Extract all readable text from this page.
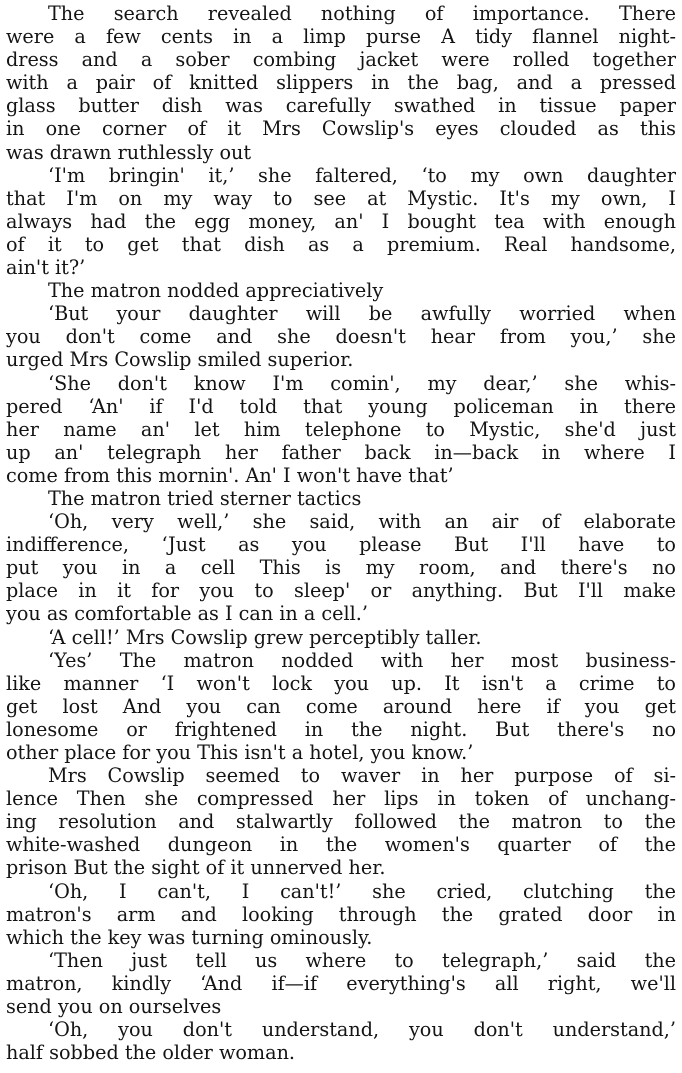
The search revealed nothing of importance. There
were a few cents in a limp purse A tidy flannel night-
dress and a sober combing jacket were rolled together
with a pair of knitted slippers in the bag, and a pressed
glass butter dish was carefully swathed in tissue paper
in one corner of it Mrs Cowslip's eyes clouded as this
was drawn ruthlessly out

‘I'm bringin' it,’ she faltered, ‘to my own daughter
that I'm on my way to see at Mystic. It's my own, I
always had the egg money, an' I bought tea with enough
of it to get that dish as a premium. Real handsome,
ain't it?’

The matron nodded appreciatively

‘But your daughter will be awfully worried when
you don't come and she doesn't hear from you,’ she
urged Mrs Cowslip smiled superior.

‘She don't know I'm comin', my dear,’ she whis-
pered ‘An' if I'd told that young policeman in there
her name an' let him telephone to Mystic, she'd just
up an' telegraph her father back in—back in where I
come from this mornin'. An' I won't have that’

The matron tried sterner tactics

‘Oh, very well,’ she said, with an air of elaborate
indifference, ‘Just as you please But I'll have to
put you in a cell This is my room, and there's no
place in it for you to sleep' or anything. But I'll make
you as comfortable as I can in a cell.’

‘A cell!’ Mrs Cowslip grew perceptibly taller.

‘Yes’ The matron nodded with her most business-
like manner ‘I won't lock you up. It isn't a crime to
get lost And you can come around here if you get
lonesome or frightened in the night. But there's no
other place for you This isn't a hotel, you know.’

Mrs Cowslip seemed to waver in her purpose of si-
lence Then she compressed her lips in token of unchang-
ing resolution and stalwartly followed the matron to the
white-washed dungeon in the women's quarter of the
prison But the sight of it unnerved her.

‘Oh, I can't, I can't!’ she cried, clutching the
matron's arm and looking through the grated door in
which the key was turning ominously.

‘Then just tell us where to telegraph,’ said the
matron, kindly ‘And if—if everything's all right, we'll
send you on ourselves

‘Oh, you don't understand, you don't understand,’
half sobbed the older woman.
